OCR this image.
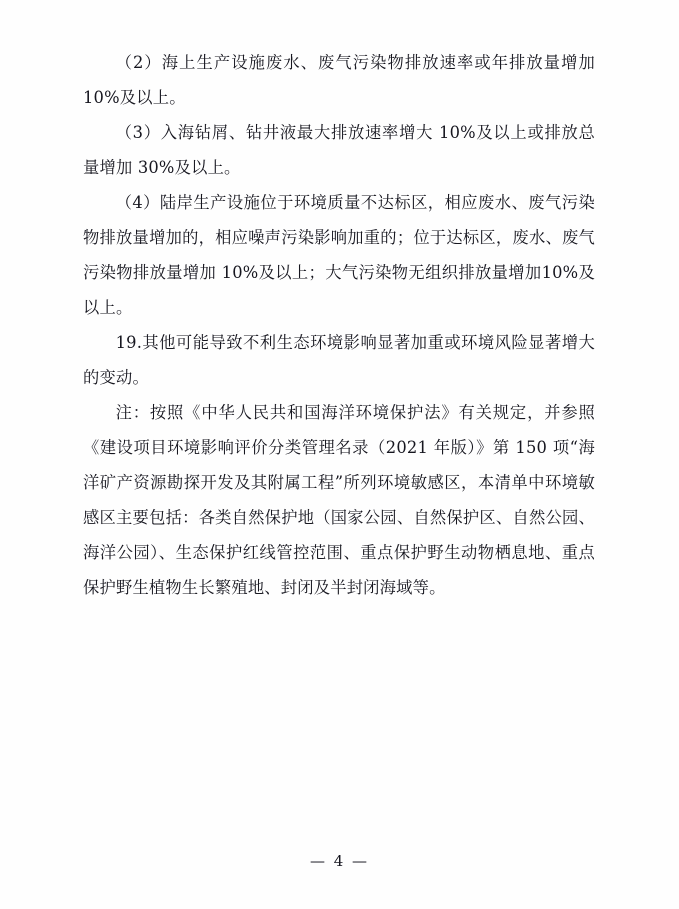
（2）海上生产设施废水、废气污染物排放速率或年排放量增加10%及以上。

（3）入海钻屑、钻井液最大排放速率增大 10%及以上或排放总量增加 30%及以上。

（4）陆岸生产设施位于环境质量不达标区，相应废水、废气污染物排放量增加的，相应噪声污染影响加重的；位于达标区，废水、废气污染物排放量增加 10%及以上；大气污染物无组织排放量增加10%及以上。

19.其他可能导致不利生态环境影响显著加重或环境风险显著增大的变动。

注：按照《中华人民共和国海洋环境保护法》有关规定，并参照《建设项目环境影响评价分类管理名录（2021 年版）》第 150 项“海洋矿产资源勘探开发及其附属工程”所列环境敏感区，本清单中环境敏感区主要包括：各类自然保护地（国家公园、自然保护区、自然公园、海洋公园）、生态保护红线管控范围、重点保护野生动物栖息地、重点保护野生植物生长繁殖地、封闭及半封闭海域等。

— 4 —
